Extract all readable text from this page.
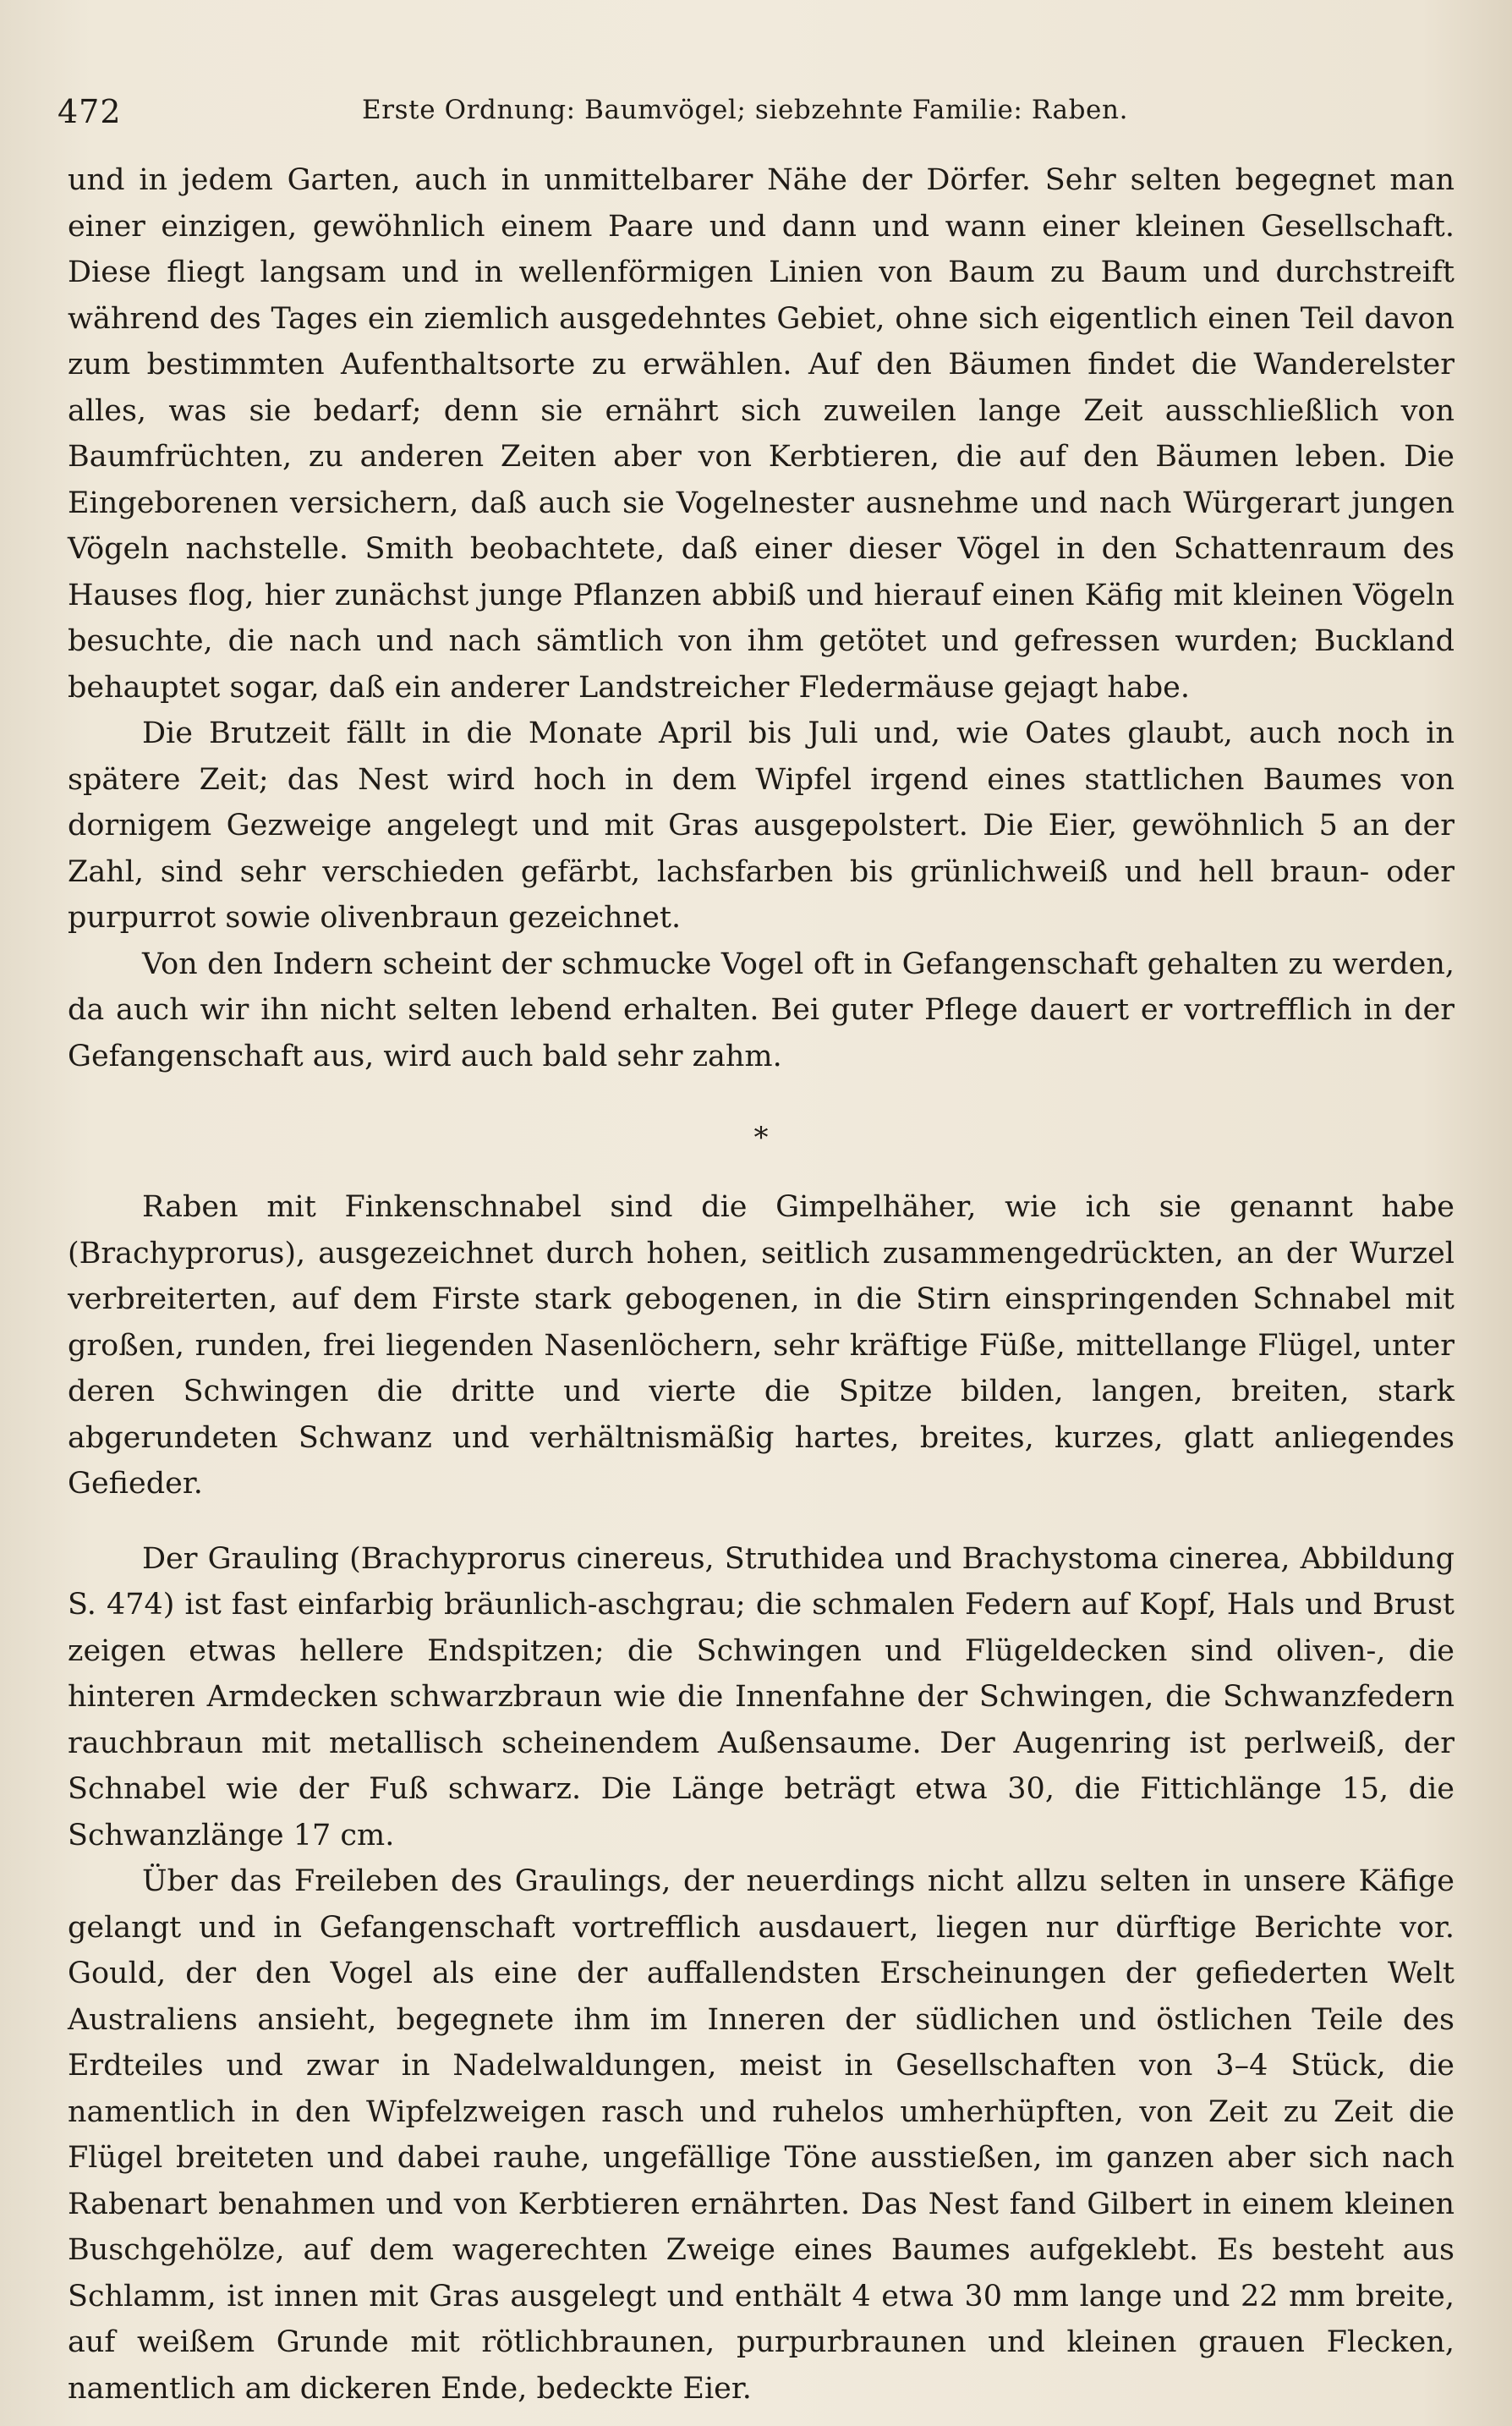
472	Erste Ordnung: Baumvögel; siebzehnte Familie: Raben.

und in jedem Garten, auch in unmittelbarer Nähe der Dörfer. Sehr selten begegnet man einer einzigen, gewöhnlich einem Paare und dann und wann einer kleinen Gesellschaft. Diese fliegt langsam und in wellenförmigen Linien von Baum zu Baum und durchstreift während des Tages ein ziemlich ausgedehntes Gebiet, ohne sich eigentlich einen Teil davon zum bestimmten Aufenthaltsorte zu erwählen. Auf den Bäumen findet die Wanderelster alles, was sie bedarf; denn sie ernährt sich zuweilen lange Zeit ausschließlich von Baumfrüchten, zu anderen Zeiten aber von Kerbtieren, die auf den Bäumen leben. Die Eingeborenen versichern, daß auch sie Vogelnester ausnehme und nach Würgerart jungen Vögeln nachstelle. Smith beobachtete, daß einer dieser Vögel in den Schattenraum des Hauses flog, hier zunächst junge Pflanzen abbiß und hierauf einen Käfig mit kleinen Vögeln besuchte, die nach und nach sämtlich von ihm getötet und gefressen wurden; Buckland behauptet sogar, daß ein anderer Landstreicher Fledermäuse gejagt habe.

Die Brutzeit fällt in die Monate April bis Juli und, wie Oates glaubt, auch noch in spätere Zeit; das Nest wird hoch in dem Wipfel irgend eines stattlichen Baumes von dornigem Gezweige angelegt und mit Gras ausgepolstert. Die Eier, gewöhnlich 5 an der Zahl, sind sehr verschieden gefärbt, lachsfarben bis grünlichweiß und hell braun- oder purpurrot sowie olivenbraun gezeichnet.

Von den Indern scheint der schmucke Vogel oft in Gefangenschaft gehalten zu werden, da auch wir ihn nicht selten lebend erhalten. Bei guter Pflege dauert er vortrefflich in der Gefangenschaft aus, wird auch bald sehr zahm.

*

Raben mit Finkenschnabel sind die Gimpelhäher, wie ich sie genannt habe (Brachyprorus), ausgezeichnet durch hohen, seitlich zusammengedrückten, an der Wurzel verbreiterten, auf dem Firste stark gebogenen, in die Stirn einspringenden Schnabel mit großen, runden, frei liegenden Nasenlöchern, sehr kräftige Füße, mittellange Flügel, unter deren Schwingen die dritte und vierte die Spitze bilden, langen, breiten, stark abgerundeten Schwanz und verhältnismäßig hartes, breites, kurzes, glatt anliegendes Gefieder.

Der Grauling (Brachyprorus cinereus, Struthidea und Brachystoma cinerea, Abbildung S. 474) ist fast einfarbig bräunlich-aschgrau; die schmalen Federn auf Kopf, Hals und Brust zeigen etwas hellere Endspitzen; die Schwingen und Flügeldecken sind oliven-, die hinteren Armdecken schwarzbraun wie die Innenfahne der Schwingen, die Schwanzfedern rauchbraun mit metallisch scheinendem Außensaume. Der Augenring ist perlweiß, der Schnabel wie der Fuß schwarz. Die Länge beträgt etwa 30, die Fittichlänge 15, die Schwanzlänge 17 cm.

Über das Freileben des Graulings, der neuerdings nicht allzu selten in unsere Käfige gelangt und in Gefangenschaft vortrefflich ausdauert, liegen nur dürftige Berichte vor. Gould, der den Vogel als eine der auffallendsten Erscheinungen der gefiederten Welt Australiens ansieht, begegnete ihm im Inneren der südlichen und östlichen Teile des Erdteiles und zwar in Nadelwaldungen, meist in Gesellschaften von 3–4 Stück, die namentlich in den Wipfelzweigen rasch und ruhelos umherhüpften, von Zeit zu Zeit die Flügel breiteten und dabei rauhe, ungefällige Töne ausstießen, im ganzen aber sich nach Rabenart benahmen und von Kerbtieren ernährten. Das Nest fand Gilbert in einem kleinen Buschgehölze, auf dem wagerechten Zweige eines Baumes aufgeklebt. Es besteht aus Schlamm, ist innen mit Gras ausgelegt und enthält 4 etwa 30 mm lange und 22 mm breite, auf weißem Grunde mit rötlichbraunen, purpurbraunen und kleinen grauen Flecken, namentlich am dickeren Ende, bedeckte Eier.
